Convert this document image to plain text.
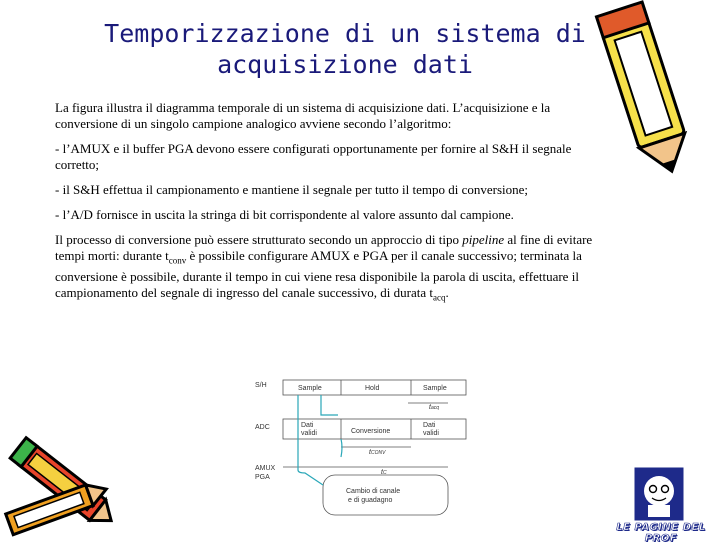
Temporizzazione di un sistema di
acquisizione dati

La figura illustra il diagramma temporale di un sistema di acquisizione dati. L’acquisizione e la conversione di un singolo campione analogico avviene secondo l’algoritmo:

- l’AMUX e il buffer PGA devono essere configurati opportunamente per fornire al S&H il segnale corretto;

- il S&H effettua il campionamento e mantiene il segnale per tutto il tempo di conversione;

- l’A/D fornisce in uscita la stringa di bit corrispondente al valore assunto dal campione.

Il processo di conversione può essere strutturato secondo un approccio di tipo pipeline al fine di evitare tempi morti: durante $t_{conv}$ è possibile configurare AMUX e PGA per il canale successivo; terminata la conversione è possibile, durante il tempo in cui viene resa disponibile la parola di uscita, effettuare il campionamento del segnale di ingresso del canale successivo, di durata $t_{acq}$.

S/H
ADC
AMUX
PGA
Sample	Hold	Sample
Dati
validi	Conversione
Dati
validi
tacq
tCONV
tC
Cambio di canale
e di guadagno
LE PAGINE DEL PROF
